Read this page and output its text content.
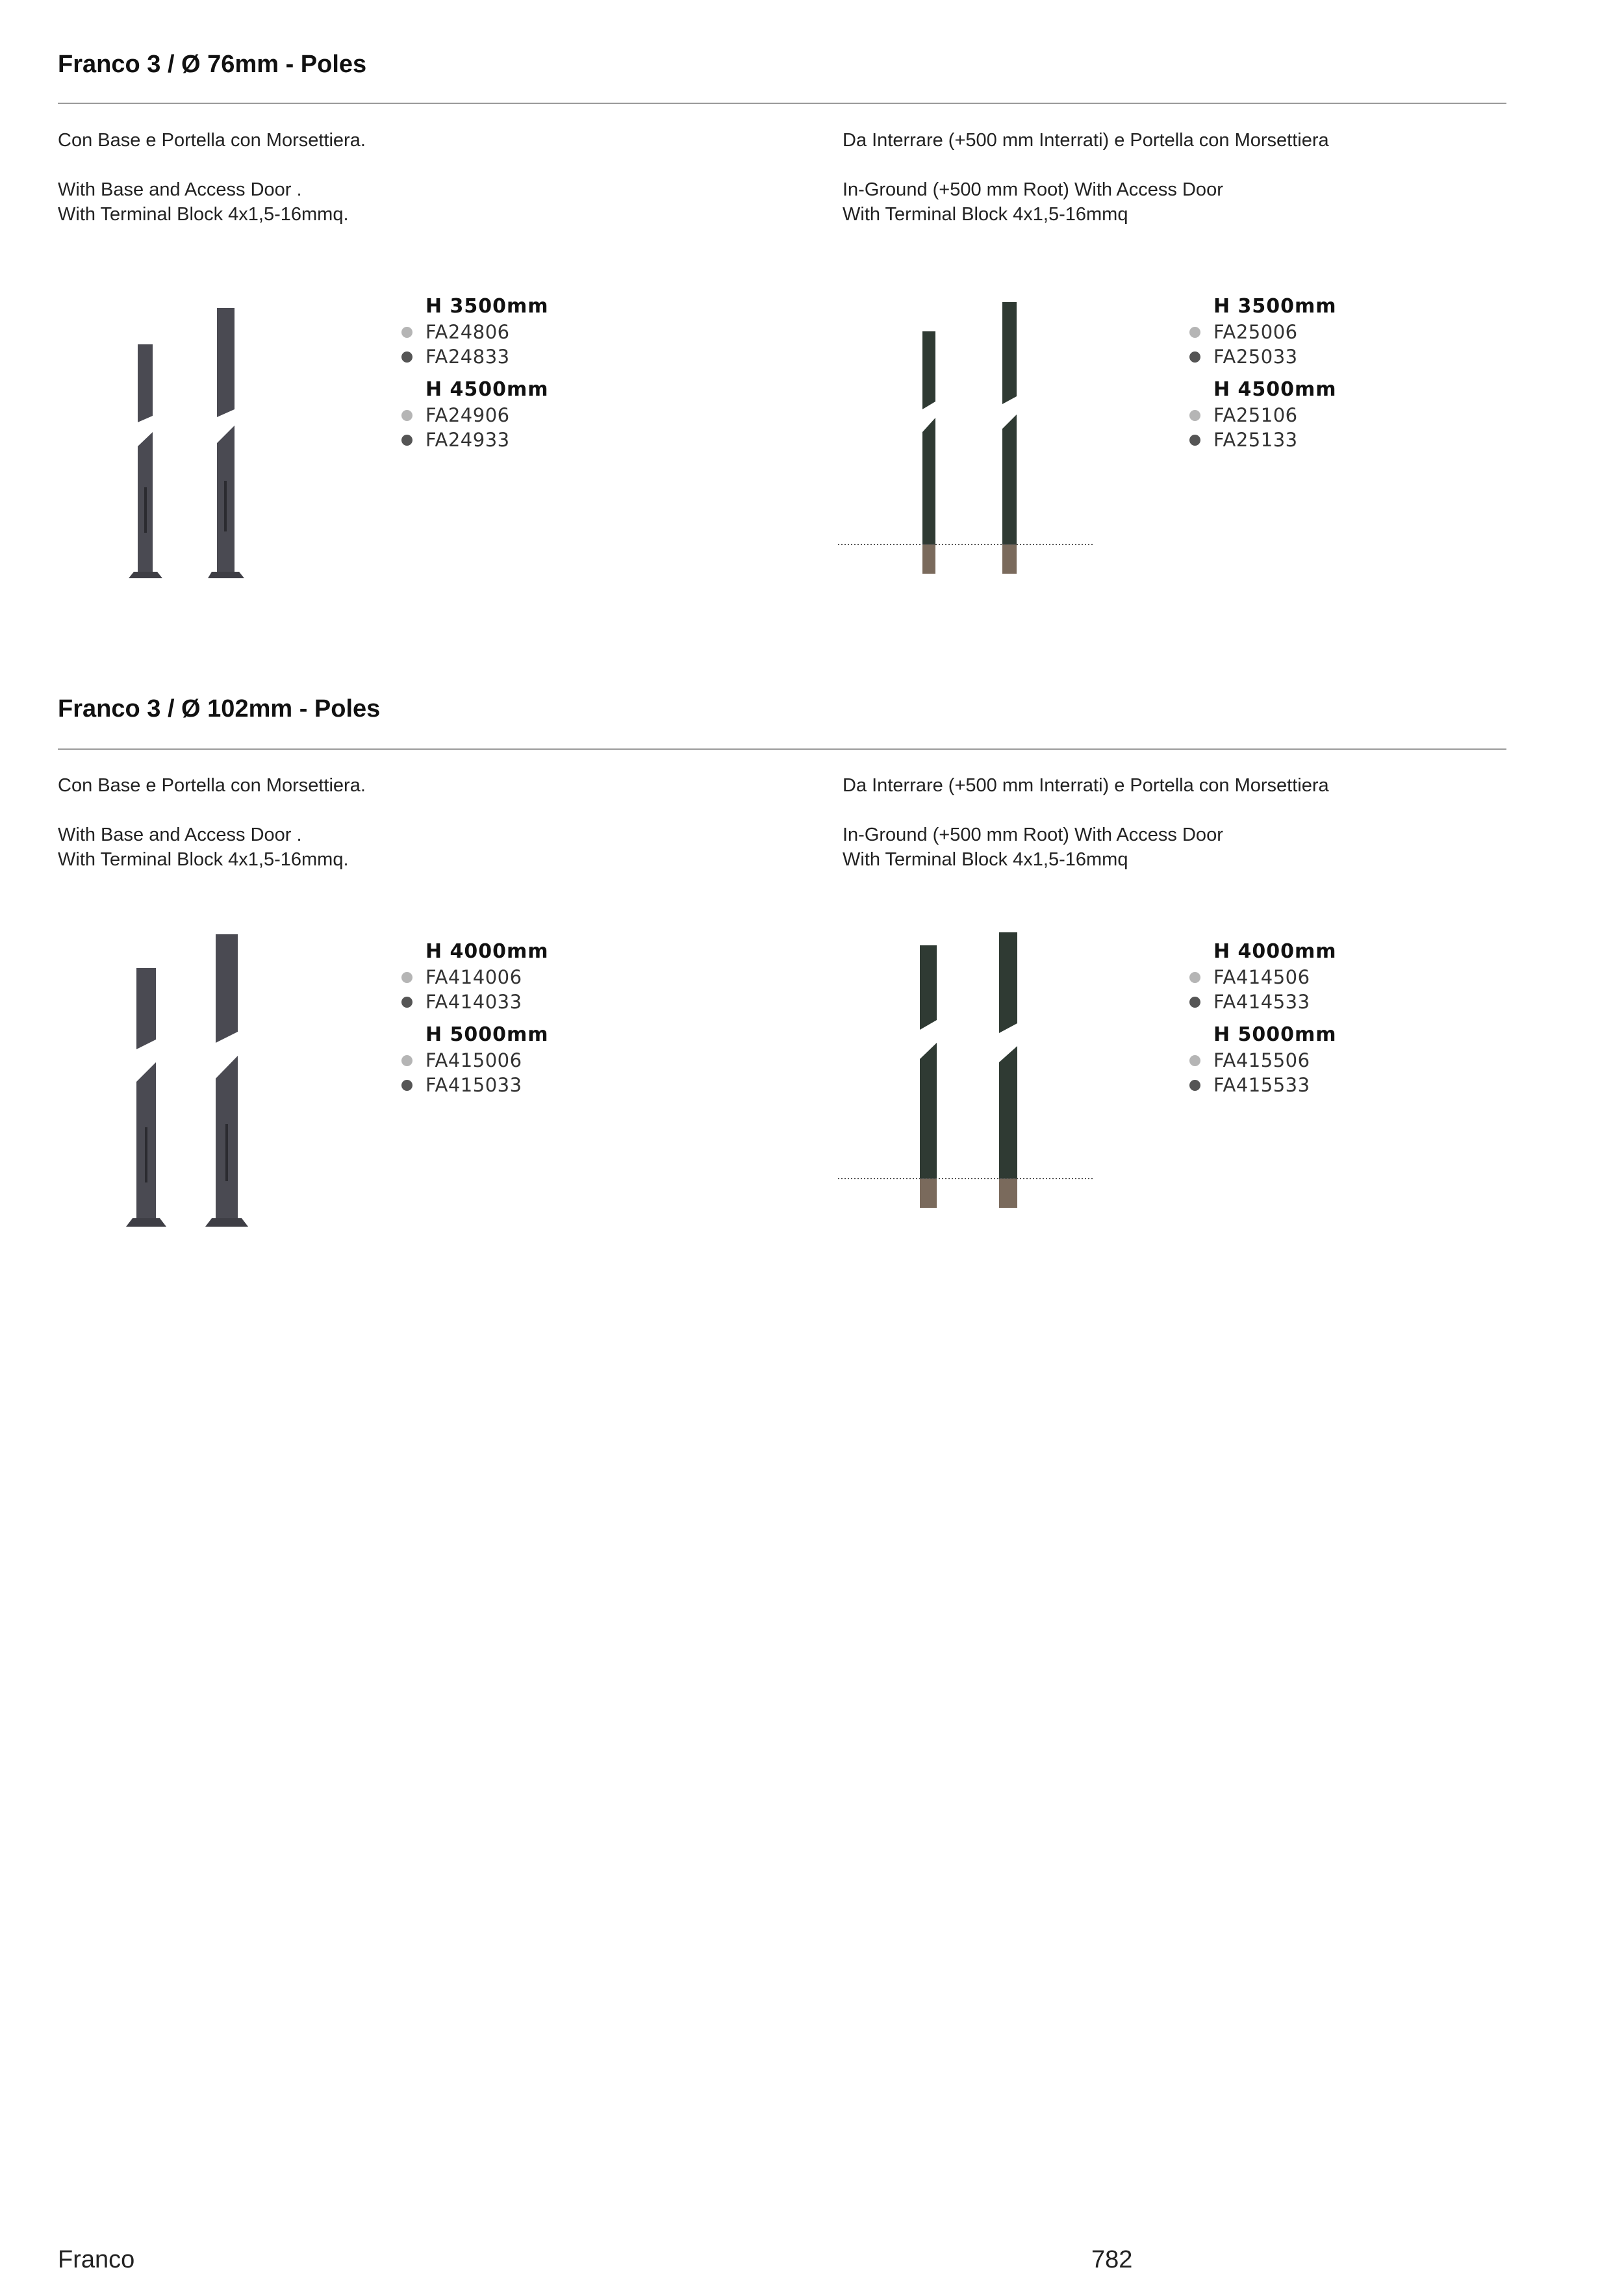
Franco 3 / Ø 76mm - Poles

Con Base e Portella con Morsettiera.

With Base and Access Door .

With Terminal Block 4x1,5-16mmq.

Da Interrare (+500 mm Interrati) e Portella con Morsettiera

In-Ground (+500 mm Root) With Access Door

With Terminal Block 4x1,5-16mmq

H 3500mm
FA24806
FA24833
H 4500mm
FA24906
FA24933
H 3500mm
FA25006
FA25033
H 4500mm
FA25106
FA25133
Franco 3 / Ø 102mm - Poles

Con Base e Portella con Morsettiera.

With Base and Access Door .

With Terminal Block 4x1,5-16mmq.

Da Interrare (+500 mm Interrati) e Portella con Morsettiera

In-Ground (+500 mm Root) With Access Door

With Terminal Block 4x1,5-16mmq

H 4000mm
FA414006
FA414033
H 5000mm
FA415006
FA415033
H 4000mm
FA414506
FA414533
H 5000mm
FA415506
FA415533
Franco	782
